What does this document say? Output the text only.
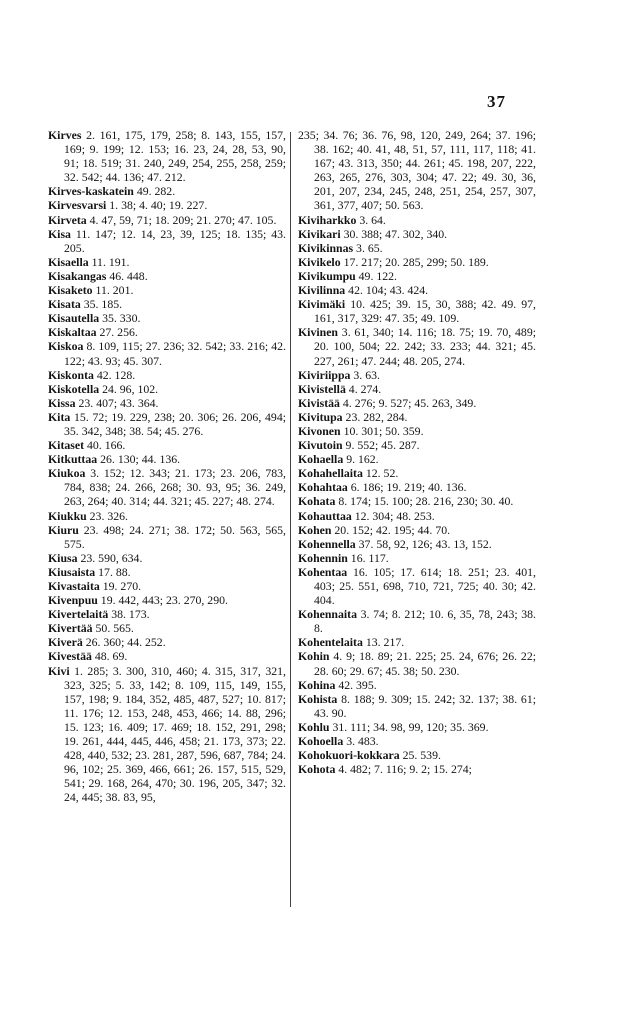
37

Kirves 2. 161, 175, 179, 258; 8. 143, 155, 157, 169; 9. 199; 12. 153; 16. 23, 24, 28, 53, 90, 91; 18. 519; 31. 240, 249, 254, 255, 258, 259; 32. 542; 44. 136; 47. 212.

Kirves-kaskatein 49. 282.

Kirvesvarsi 1. 38; 4. 40; 19. 227.

Kirveta 4. 47, 59, 71; 18. 209; 21. 270; 47. 105.

Kisa 11. 147; 12. 14, 23, 39, 125; 18. 135; 43. 205.

Kisaella 11. 191.

Kisakangas 46. 448.

Kisaketo 11. 201.

Kisata 35. 185.

Kisautella 35. 330.

Kiskaltaa 27. 256.

Kiskoa 8. 109, 115; 27. 236; 32. 542; 33. 216; 42. 122; 43. 93; 45. 307.

Kiskonta 42. 128.

Kiskotella 24. 96, 102.

Kissa 23. 407; 43. 364.

Kita 15. 72; 19. 229, 238; 20. 306; 26. 206, 494; 35. 342, 348; 38. 54; 45. 276.

Kitaset 40. 166.

Kitkuttaa 26. 130; 44. 136.

Kiukoa 3. 152; 12. 343; 21. 173; 23. 206, 783, 784, 838; 24. 266, 268; 30. 93, 95; 36. 249, 263, 264; 40. 314; 44. 321; 45. 227; 48. 274.

Kiukku 23. 326.

Kiuru 23. 498; 24. 271; 38. 172; 50. 563, 565, 575.

Kiusa 23. 590, 634.

Kiusaista 17. 88.

Kivastaita 19. 270.

Kivenpuu 19. 442, 443; 23. 270, 290.

Kivertelaitä 38. 173.

Kivertää 50. 565.

Kiverä 26. 360; 44. 252.

Kivestää 48. 69.

Kivi 1. 285; 3. 300, 310, 460; 4. 315, 317, 321, 323, 325; 5. 33, 142; 8. 109, 115, 149, 155, 157, 198; 9. 184, 352, 485, 487, 527; 10. 817; 11. 176; 12. 153, 248, 453, 466; 14. 88, 296; 15. 123; 16. 409; 17. 469; 18. 152, 291, 298; 19. 261, 444, 445, 446, 458; 21. 173, 373; 22. 428, 440, 532; 23. 281, 287, 596, 687, 784; 24. 96, 102; 25. 369, 466, 661; 26. 157, 515, 529, 541; 29. 168, 264, 470; 30. 196, 205, 347; 32. 24, 445; 38. 83, 95,

235; 34. 76; 36. 76, 98, 120, 249, 264; 37. 196; 38. 162; 40. 41, 48, 51, 57, 111, 117, 118; 41. 167; 43. 313, 350; 44. 261; 45. 198, 207, 222, 263, 265, 276, 303, 304; 47. 22; 49. 30, 36, 201, 207, 234, 245, 248, 251, 254, 257, 307, 361, 377, 407; 50. 563.

Kiviharkko 3. 64.

Kivikari 30. 388; 47. 302, 340.

Kivikinnas 3. 65.

Kivikelo 17. 217; 20. 285, 299; 50. 189.

Kivikumpu 49. 122.

Kivilinna 42. 104; 43. 424.

Kivimäki 10. 425; 39. 15, 30, 388; 42. 49. 97, 161, 317, 329: 47. 35; 49. 109.

Kivinen 3. 61, 340; 14. 116; 18. 75; 19. 70, 489; 20. 100, 504; 22. 242; 33. 233; 44. 321; 45. 227, 261; 47. 244; 48. 205, 274.

Kiviriippa 3. 63.

Kivistellä 4. 274.

Kivistää 4. 276; 9. 527; 45. 263, 349.

Kivitupa 23. 282, 284.

Kivonen 10. 301; 50. 359.

Kivutoin 9. 552; 45. 287.

Kohaella 9. 162.

Kohahellaita 12. 52.

Kohahtaa 6. 186; 19. 219; 40. 136.

Kohata 8. 174; 15. 100; 28. 216, 230; 30. 40.

Kohauttaa 12. 304; 48. 253.

Kohen 20. 152; 42. 195; 44. 70.

Kohennella 37. 58, 92, 126; 43. 13, 152.

Kohennin 16. 117.

Kohentaa 16. 105; 17. 614; 18. 251; 23. 401, 403; 25. 551, 698, 710, 721, 725; 40. 30; 42. 404.

Kohennaita 3. 74; 8. 212; 10. 6, 35, 78, 243; 38. 8.

Kohentelaita 13. 217.

Kohin 4. 9; 18. 89; 21. 225; 25. 24, 676; 26. 22; 28. 60; 29. 67; 45. 38; 50. 230.

Kohina 42. 395.

Kohista 8. 188; 9. 309; 15. 242; 32. 137; 38. 61; 43. 90.

Kohlu 31. 111; 34. 98, 99, 120; 35. 369.

Kohoella 3. 483.

Kohokuori-kokkara 25. 539.

Kohota 4. 482; 7. 116; 9. 2; 15. 274;
